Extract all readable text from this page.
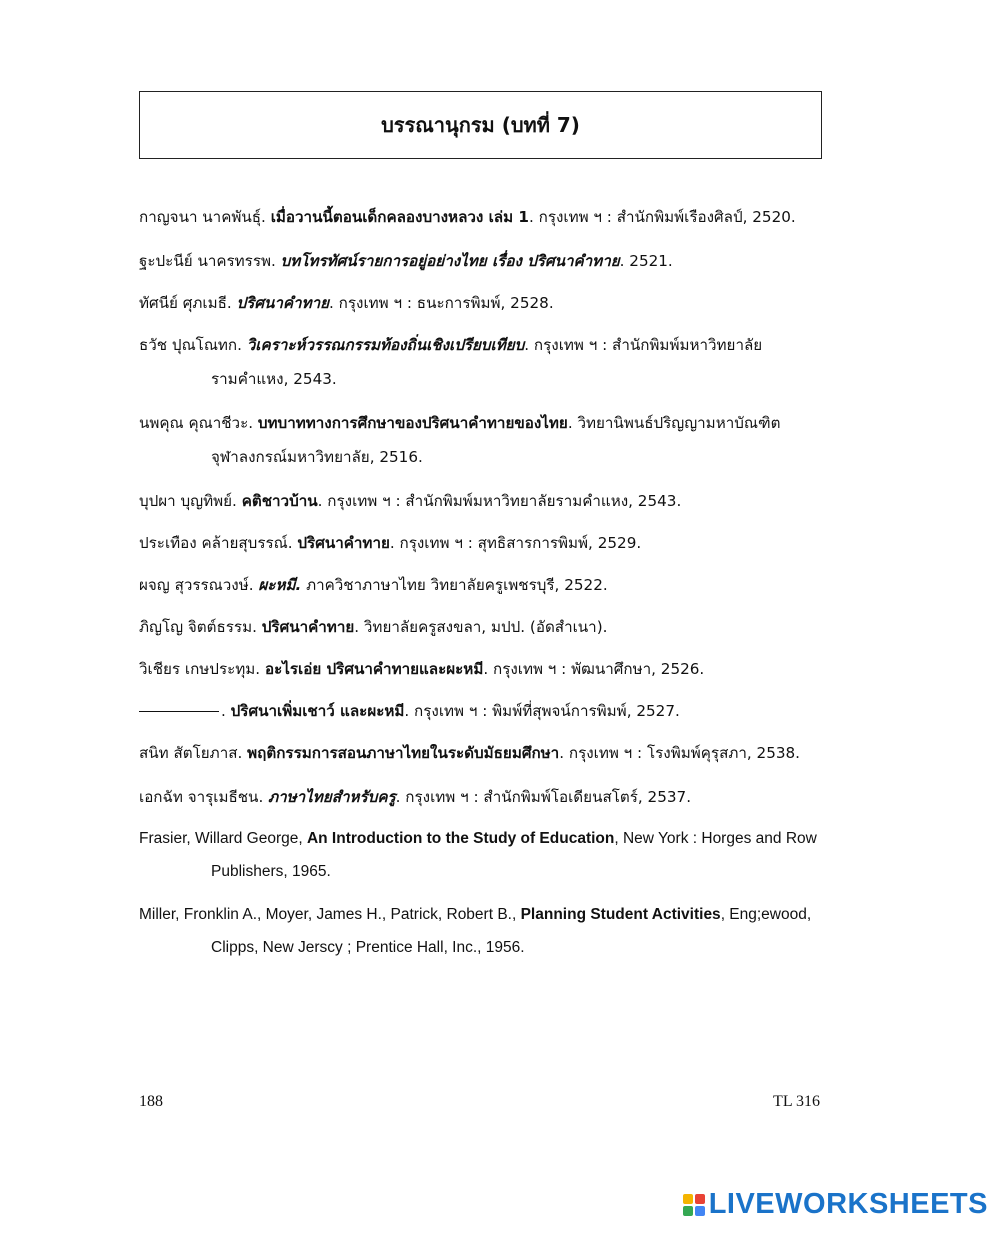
บรรณานุกรม (บทที่ 7)
กาญจนา นาคพันธุ์. เมื่อวานนี้ตอนเด็กคลองบางหลวง เล่ม 1. กรุงเทพ ฯ : สำนักพิมพ์เรืองศิลป์, 2520.
ฐะปะนีย์ นาครทรรพ. บทโทรทัศน์รายการอยู่อย่างไทย เรื่อง ปริศนาคำทาย. 2521.
ทัศนีย์ ศุภเมธี. ปริศนาคำทาย. กรุงเทพ ฯ : ธนะการพิมพ์, 2528.
ธวัช ปุณโณทก. วิเคราะห์วรรณกรรมท้องถิ่นเชิงเปรียบเทียบ. กรุงเทพ ฯ : สำนักพิมพ์มหาวิทยาลัยรามคำแหง, 2543.
นพคุณ คุณาชีวะ. บทบาททางการศึกษาของปริศนาคำทายของไทย. วิทยานิพนธ์ปริญญามหาบัณฑิต จุฬาลงกรณ์มหาวิทยาลัย, 2516.
บุปผา บุญทิพย์. คติชาวบ้าน. กรุงเทพ ฯ : สำนักพิมพ์มหาวิทยาลัยรามคำแหง, 2543.
ประเทือง คล้ายสุบรรณ์. ปริศนาคำทาย. กรุงเทพ ฯ : สุทธิสารการพิมพ์, 2529.
ผจญ สุวรรณวงษ์. ผะหมี. ภาควิชาภาษาไทย วิทยาลัยครูเพชรบุรี, 2522.
ภิญโญ จิตต์ธรรม. ปริศนาคำทาย. วิทยาลัยครูสงขลา, มปป. (อัดสำเนา).
วิเชียร เกษประทุม. อะไรเอ่ย ปริศนาคำทายและผะหมี. กรุงเทพ ฯ : พัฒนาศึกษา, 2526.
. ปริศนาเพิ่มเชาว์ และผะหมี. กรุงเทพ ฯ : พิมพ์ที่สุพจน์การพิมพ์, 2527.
สนิท สัตโยภาส. พฤติกรรมการสอนภาษาไทยในระดับมัธยมศึกษา. กรุงเทพ ฯ : โรงพิมพ์คุรุสภา, 2538.
เอกฉัท จารุเมธีชน. ภาษาไทยสำหรับครู. กรุงเทพ ฯ : สำนักพิมพ์โอเดียนสโตร์, 2537.
Frasier, Willard George, An Introduction to the Study of Education, New York : Horges and Row Publishers, 1965.
Miller, Fronklin A., Moyer, James H., Patrick, Robert B., Planning Student Activities, Eng;ewood, Clipps, New Jerscy ; Prentice Hall, Inc., 1956.
188	TL 316
LIVEWORKSHEETS
